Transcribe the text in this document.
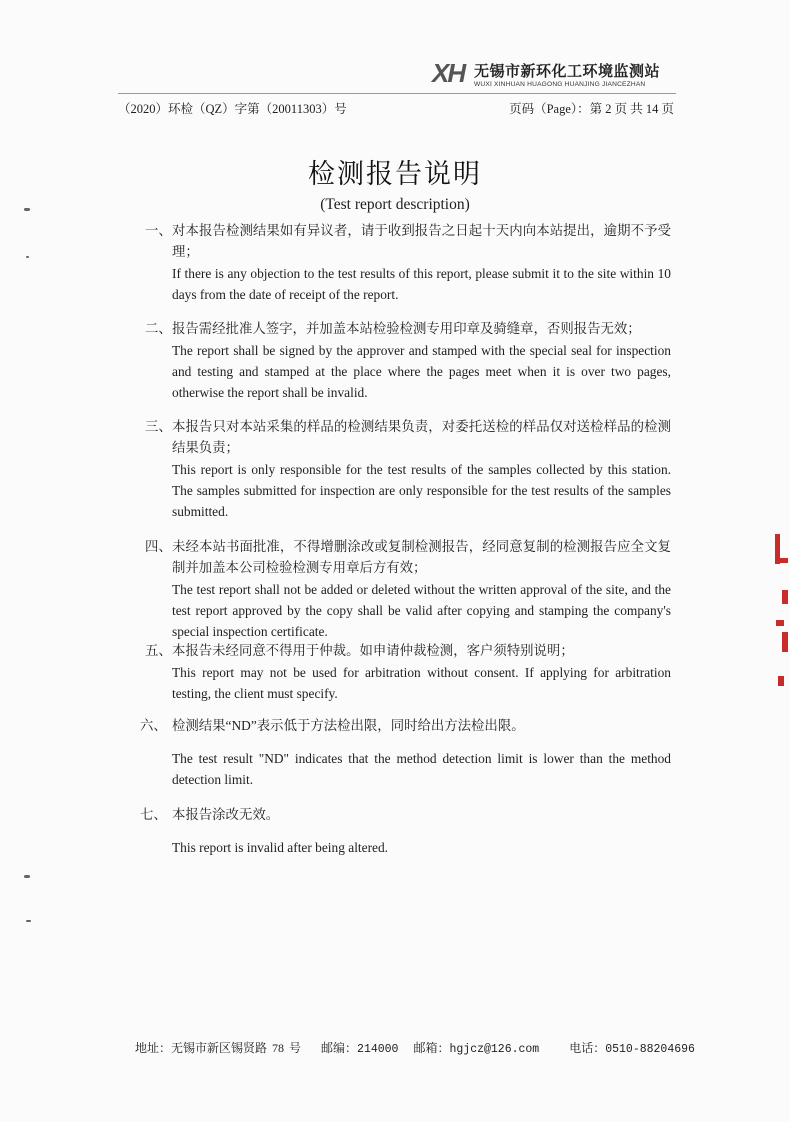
XH 无锡市新环化工环境监测站
WUXI XINHUAN HUAGONG HUANJING JIANCEZHAN
（2020）环检（QZ）字第（20011303）号	页码（Page）：第 2 页 共 14 页
检测报告说明
(Test report description)
一、 对本报告检测结果如有异议者，请于收到报告之日起十天内向本站提出，逾期不予受理；
If there is any objection to the test results of this report, please submit it to the site within 10 days from the date of receipt of the report.
二、 报告需经批准人签字，并加盖本站检验检测专用印章及骑缝章，否则报告无效；
The report shall be signed by the approver and stamped with the special seal for inspection and testing and stamped at the place where the pages meet when it is over two pages, otherwise the report shall be invalid.
三、 本报告只对本站采集的样品的检测结果负责，对委托送检的样品仅对送检样品的检测结果负责；
This report is only responsible for the test results of the samples collected by this station. The samples submitted for inspection are only responsible for the test results of the samples submitted.
四、 未经本站书面批准，不得增删涂改或复制检测报告，经同意复制的检测报告应全文复制并加盖本公司检验检测专用章后方有效；
The test report shall not be added or deleted without the written approval of the site, and the test report approved by the copy shall be valid after copying and stamping the company's special inspection certificate.
五、 本报告未经同意不得用于仲裁。如申请仲裁检测，客户须特别说明；
This report may not be used for arbitration without consent. If applying for arbitration testing, the client must specify.
六、 检测结果“ND”表示低于方法检出限，同时给出方法检出限。
The test result "ND" indicates that the method detection limit is lower than the method detection limit.
七、 本报告涂改无效。
This report is invalid after being altered.
地址：无锡市新区锡贤路 78 号 邮编：214000 邮箱：hgjcz@126.com	电话：0510-88204696
